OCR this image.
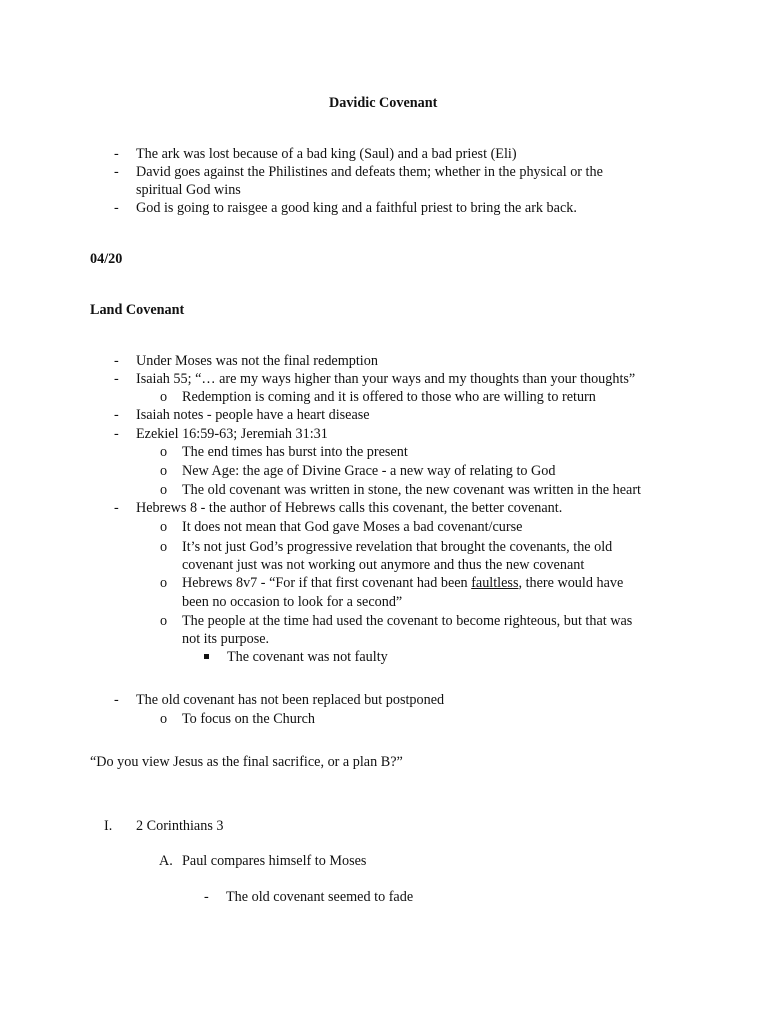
Davidic Covenant
- The ark was lost because of a bad king (Saul) and a bad priest (Eli)
- David goes against the Philistines and defeats them; whether in the physical or the
spiritual God wins
- God is going to raisgee a good king and a faithful priest to bring the ark back.
04/20
Land Covenant
- Under Moses was not the final redemption
- Isaiah 55; “… are my ways higher than your ways and my thoughts than your thoughts”
o Redemption is coming and it is offered to those who are willing to return
- Isaiah notes - people have a heart disease
- Ezekiel 16:59-63; Jeremiah 31:31
o The end times has burst into the present
o New Age: the age of Divine Grace - a new way of relating to God
o The old covenant was written in stone, the new covenant was written in the heart
- Hebrews 8 - the author of Hebrews calls this covenant, the better covenant.
o It does not mean that God gave Moses a bad covenant/curse
o It’s not just God’s progressive revelation that brought the covenants, the old
covenant just was not working out anymore and thus the new covenant
o Hebrews 8v7 - “For if that first covenant had been faultless, there would have
been no occasion to look for a second”
o The people at the time had used the covenant to become righteous, but that was
not its purpose.
The covenant was not faulty
- The old covenant has not been replaced but postponed
o To focus on the Church
“Do you view Jesus as the final sacrifice, or a plan B?”
I. 2 Corinthians 3
A. Paul compares himself to Moses
- The old covenant seemed to fade
